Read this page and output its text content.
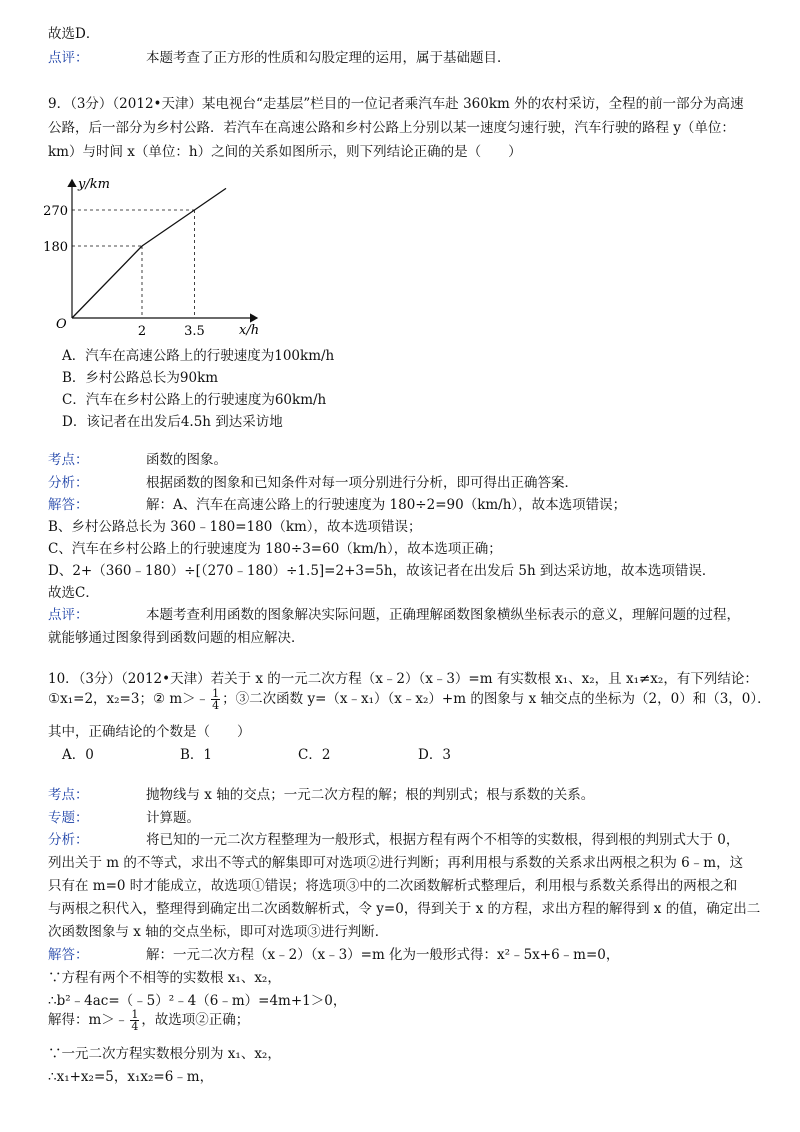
故选D．
点评：	本题考查了正方形的性质和勾股定理的运用，属于基础题目．
9．（3分）（2012•天津）某电视台“走基层”栏目的一位记者乘汽车赴 360km 外的农村采访，全程的前一部分为高速
公路，后一部分为乡村公路．若汽车在高速公路和乡村公路上分别以某一速度匀速行驶，汽车行驶的路程 y（单位：
km）与时间 x（单位：h）之间的关系如图所示，则下列结论正确的是（　　）
y/km
x/h
O
180
270
2	3.5
A．汽车在高速公路上的行驶速度为100km/h
B．乡村公路总长为90km
C．汽车在乡村公路上的行驶速度为60km/h
D．该记者在出发后4.5h 到达采访地
考点：	函数的图象。
分析：	根据函数的图象和已知条件对每一项分别进行分析，即可得出正确答案．
解答：	解：A、汽车在高速公路上的行驶速度为 180÷2=90（km/h），故本选项错误；
B、乡村公路总长为 360﹣180=180（km），故本选项错误；
C、汽车在乡村公路上的行驶速度为 180÷3=60（km/h），故本选项正确；
D、2+（360﹣180）÷[（270﹣180）÷1.5]=2+3=5h，故该记者在出发后 5h 到达采访地，故本选项错误．
故选C．
点评：	本题考查利用函数的图象解决实际问题，正确理解函数图象横纵坐标表示的意义，理解问题的过程，
就能够通过图象得到函数问题的相应解决．
10．（3分）（2012•天津）若关于 x 的一元二次方程（x﹣2）（x﹣3）=m 有实数根 x₁、x₂，且 x₁≠x₂，有下列结论：
①x₁=2，x₂=3；② m＞﹣ $\frac{1}{4}$ ；③二次函数 y=（x﹣x₁）（x﹣x₂）+m 的图象与 x 轴交点的坐标为（2，0）和（3，0）．
其中，正确结论的个数是（　　）
A．0	B．1	C．2	D．3
考点：	抛物线与 x 轴的交点；一元二次方程的解；根的判别式；根与系数的关系。
专题：	计算题。
分析：	将已知的一元二次方程整理为一般形式，根据方程有两个不相等的实数根，得到根的判别式大于 0，
列出关于 m 的不等式，求出不等式的解集即可对选项②进行判断；再利用根与系数的关系求出两根之积为 6﹣m，这
只有在 m=0 时才能成立，故选项①错误；将选项③中的二次函数解析式整理后，利用根与系数关系得出的两根之和
与两根之积代入，整理得到确定出二次函数解析式，令 y=0，得到关于 x 的方程，求出方程的解得到 x 的值，确定出二
次函数图象与 x 轴的交点坐标，即可对选项③进行判断．
解答：	解：一元二次方程（x﹣2）（x﹣3）=m 化为一般形式得：x²﹣5x+6﹣m=0，
∵方程有两个不相等的实数根 x₁、x₂，
∴b²﹣4ac=（﹣5）²﹣4（6﹣m）=4m+1＞0，
解得：m＞﹣ $\frac{1}{4}$ ，故选项②正确；
∵一元二次方程实数根分别为 x₁、x₂，
∴x₁+x₂=5，x₁x₂=6﹣m，
